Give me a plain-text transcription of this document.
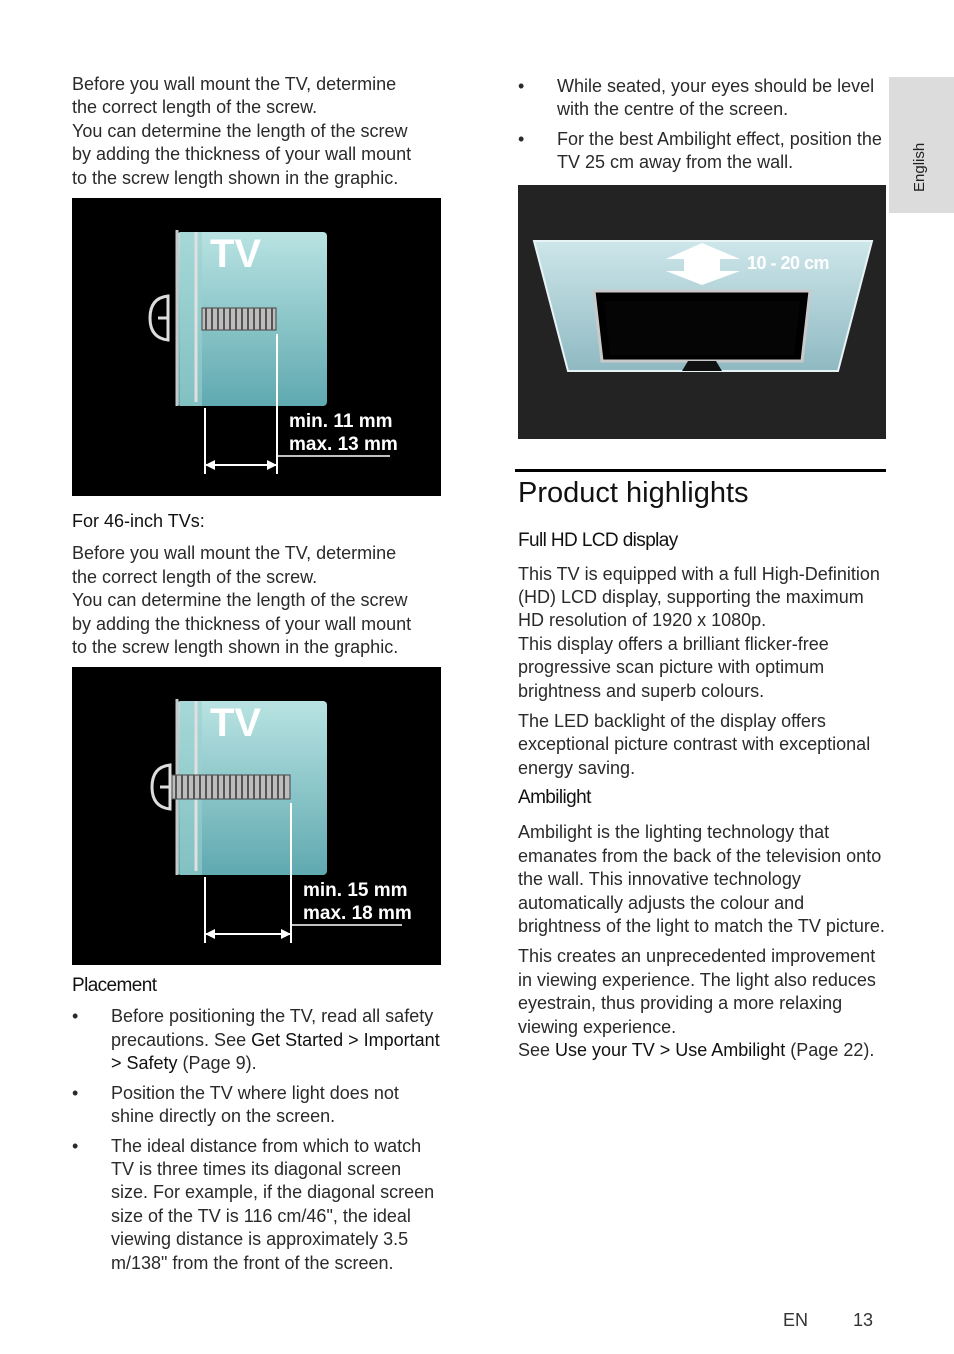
English

Before you wall mount the TV, determine

the correct length of the screw.

You can determine the length of the screw

by adding the thickness of your wall mount

to the screw length shown in the graphic.

TV
min. 11 mm
max. 13 mm

For 46-inch TVs:

Before you wall mount the TV, determine

the correct length of the screw.

You can determine the length of the screw

by adding the thickness of your wall mount

to the screw length shown in the graphic.

TV
min. 15 mm
max. 18 mm
Placement
• Before positioning the TV, read all safety precautions. See Get Started > Important > Safety (Page 9).
• Position the TV where light does not shine directly on the screen.
• The ideal distance from which to watch TV is three times its diagonal screen size. For example, if the diagonal screen size of the TV is 116 cm/46", the ideal viewing distance is approximately 3.5 m/138" from the front of the screen.
• While seated, your eyes should be level with the centre of the screen.
• For the best Ambilight effect, position the TV 25 cm away from the wall.
10 - 20 cm
Product highlights
Full HD LCD display

This TV is equipped with a full High-Definition (HD) LCD display, supporting the maximum HD resolution of 1920 x 1080p.

This display offers a brilliant flicker-free progressive scan picture with optimum brightness and superb colours.

The LED backlight of the display offers exceptional picture contrast with exceptional energy saving.

Ambilight

Ambilight is the lighting technology that emanates from the back of the television onto the wall. This innovative technology automatically adjusts the colour and brightness of the light to match the TV picture.

This creates an unprecedented improvement in viewing experience. The light also reduces eyestrain, thus providing a more relaxing viewing experience.

See Use your TV > Use Ambilight (Page 22).

EN 13
